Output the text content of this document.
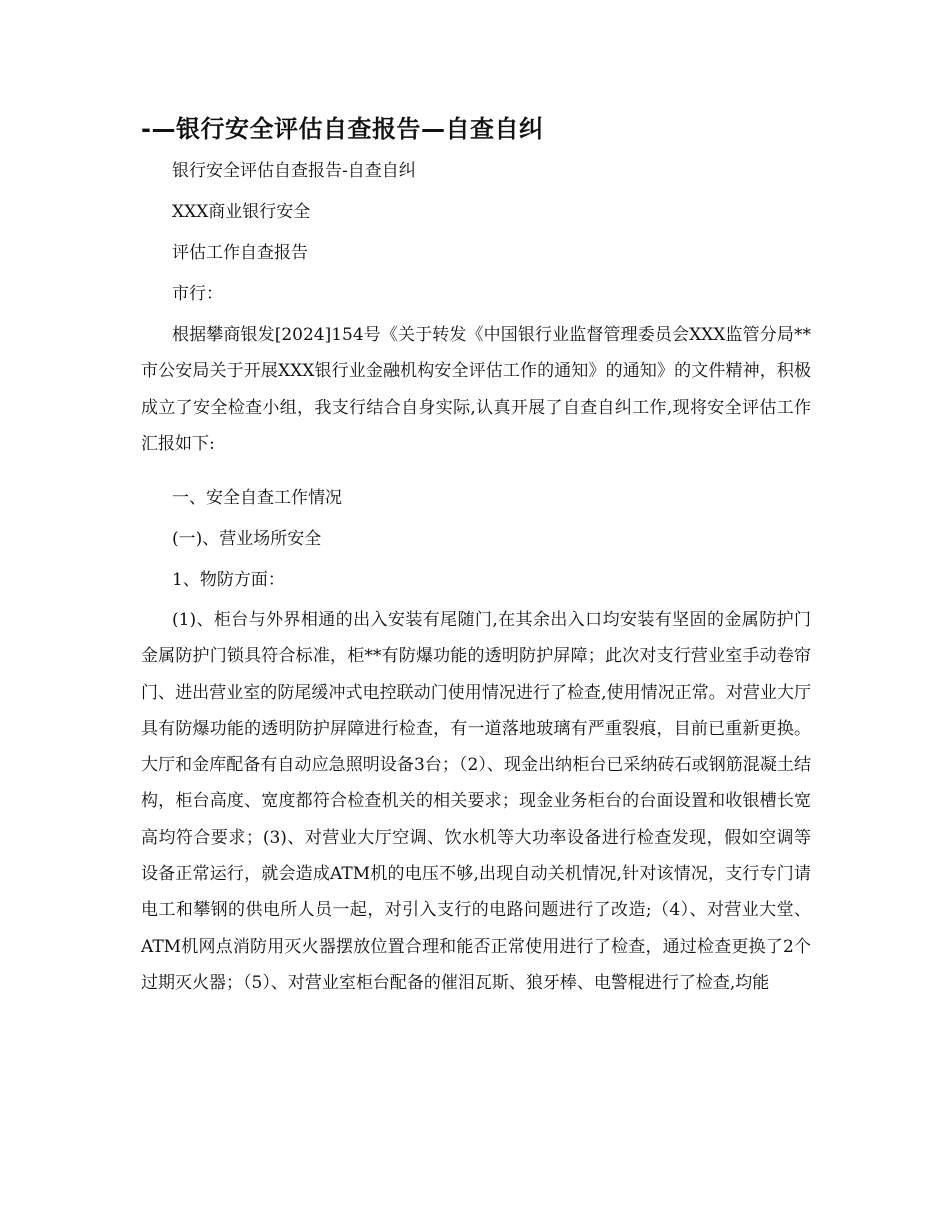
-—银行安全评估自查报告—自查自纠

银行安全评估自查报告-自查自纠

XXX商业银行安全

评估工作自查报告

市行：

根据攀商银发[2024]154号《关于转发《中国银行业监督管理委员会XXX监管分局**市公安局关于开展XXX银行业金融机构安全评估工作的通知》的通知》的文件精神，积极成立了安全检查小组，我支行结合自身实际,认真开展了自查自纠工作,现将安全评估工作汇报如下:

一、安全自查工作情况

(一)、营业场所安全

1、物防方面：

(1)、柜台与外界相通的出入安装有尾随门,在其余出入口均安装有坚固的金属防护门金属防护门锁具符合标准，柜**有防爆功能的透明防护屏障；此次对支行营业室手动卷帘门、进出营业室的防尾缓冲式电控联动门使用情况进行了检查,使用情况正常。对营业大厅具有防爆功能的透明防护屏障进行检查，有一道落地玻璃有严重裂痕，目前已重新更换。大厅和金库配备有自动应急照明设备3台；（2）、现金出纳柜台已采纳砖石或钢筋混凝土结构，柜台高度、宽度都符合检查机关的相关要求；现金业务柜台的台面设置和收银槽长宽高均符合要求；(3)、对营业大厅空调、饮水机等大功率设备进行检查发现，假如空调等设备正常运行，就会造成ATM机的电压不够,出现自动关机情况,针对该情况，支行专门请电工和攀钢的供电所人员一起，对引入支行的电路问题进行了改造;（4）、对营业大堂、ATM机网点消防用灭火器摆放位置合理和能否正常使用进行了检查，通过检查更换了2个过期灭火器；（5）、对营业室柜台配备的催泪瓦斯、狼牙棒、电警棍进行了检查,均能
